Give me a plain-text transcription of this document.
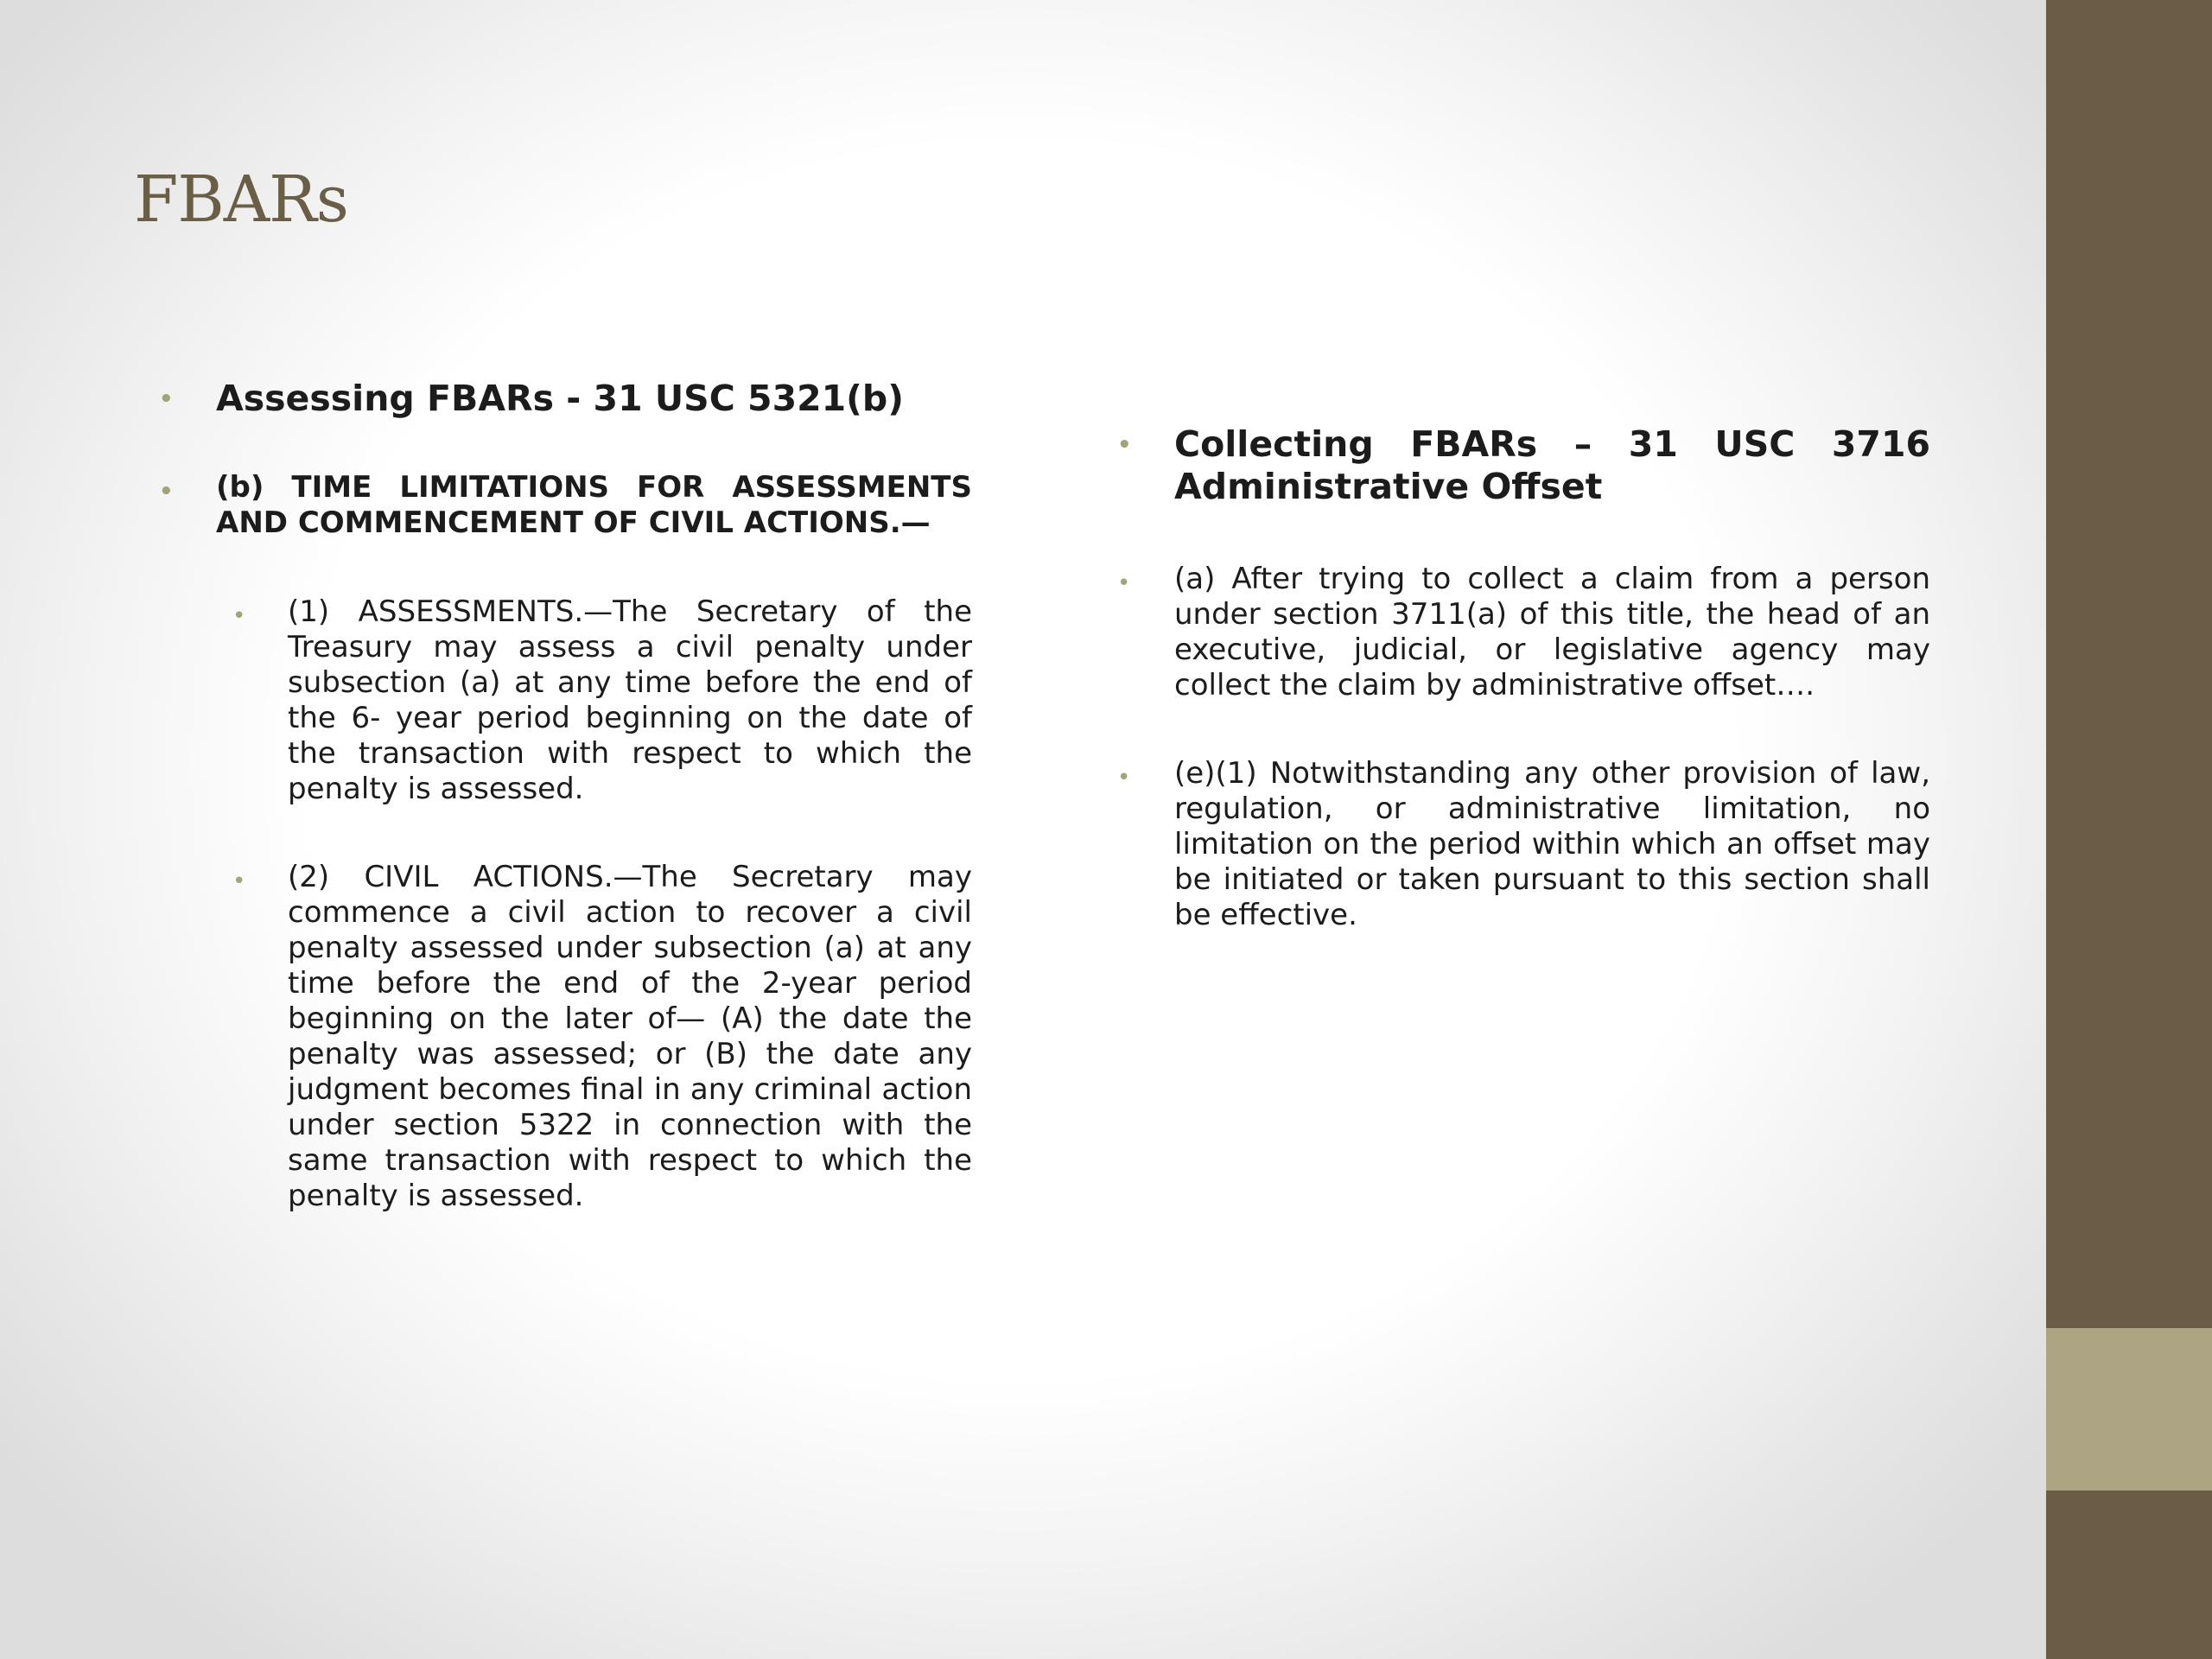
FBARs
• Assessing FBARs - 31 USC 5321(b)
• (b) TIME LIMITATIONS FOR ASSESSMENTS AND COMMENCEMENT OF CIVIL ACTIONS.—
• (1) ASSESSMENTS.—The Secretary of the Treasury may assess a civil penalty under subsection (a) at any time before the end of the 6- year period beginning on the date of the transaction with respect to which the penalty is assessed.
• (2) CIVIL ACTIONS.—The Secretary may commence a civil action to recover a civil penalty assessed under subsection (a) at any time before the end of the 2-year period beginning on the later of— (A) the date the penalty was assessed; or (B) the date any judgment becomes final in any criminal action under section 5322 in connection with the same transaction with respect to which the penalty is assessed.
• Collecting FBARs – 31 USC 3716 Administrative Offset
• (a) After trying to collect a claim from a person under section 3711(a) of this title, the head of an executive, judicial, or legislative agency may collect the claim by administrative offset….
• (e)(1) Notwithstanding any other provision of law, regulation, or administrative limitation, no limitation on the period within which an offset may be initiated or taken pursuant to this section shall be effective.
